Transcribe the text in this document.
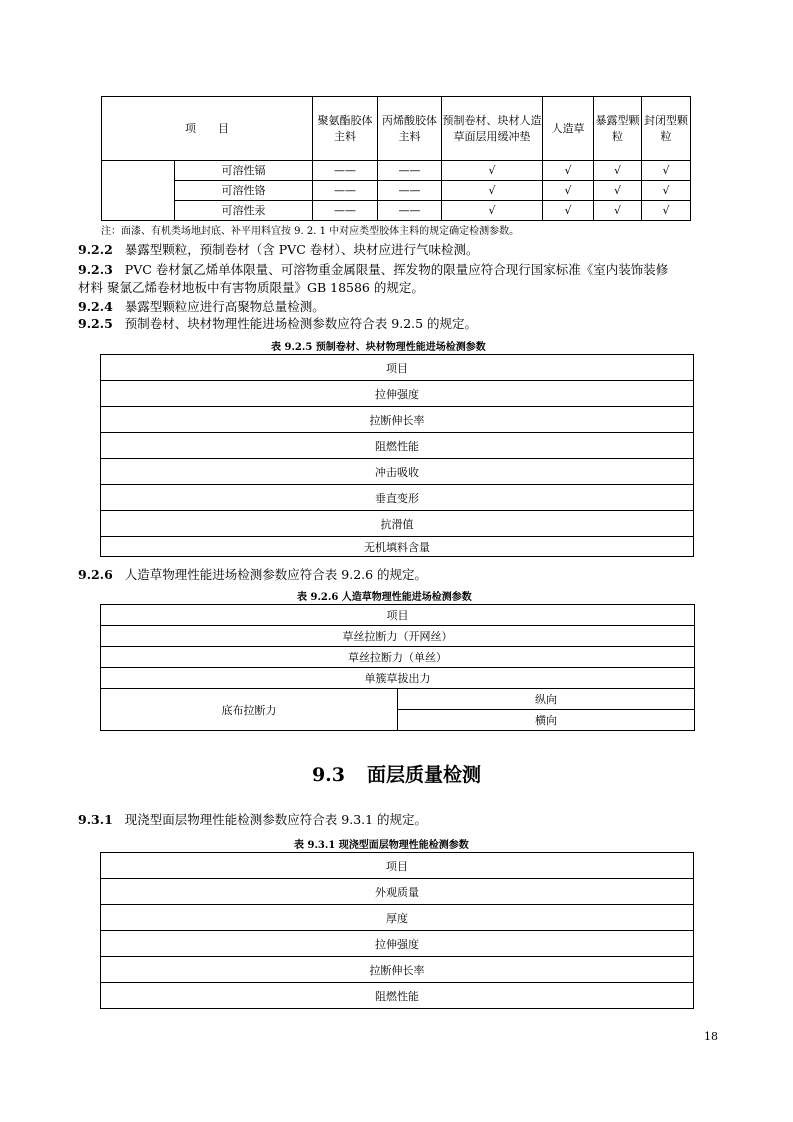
项　　目		聚氨酯胶体主料	丙烯酸胶体主料	预制卷材、块材人造草面层用缓冲垫	人造草	暴露型颗粒	封闭型颗粒
	可溶性镉	——	——	√	√	√	√
	可溶性铬	——	——	√	√	√	√
	可溶性汞	——	——	√	√	√	√
注：面漆、有机类场地封底、补平用料宜按 9. 2. 1 中对应类型胶体主料的规定确定检测参数。
9.2.2 暴露型颗粒，预制卷材（含 PVC 卷材）、块材应进行气味检测。
9.2.3 PVC 卷材氯乙烯单体限量、可溶物重金属限量、挥发物的限量应符合现行国家标准《室内装饰装修
材料 聚氯乙烯卷材地板中有害物质限量》GB 18586 的规定。
9.2.4 暴露型颗粒应进行高聚物总量检测。
9.2.5 预制卷材、块材物理性能进场检测参数应符合表 9.2.5 的规定。
表 9.2.5 预制卷材、块材物理性能进场检测参数
项目
拉伸强度
拉断伸长率
阻燃性能
冲击吸收
垂直变形
抗滑值
无机填料含量
9.2.6 人造草物理性能进场检测参数应符合表 9.2.6 的规定。
表 9.2.6 人造草物理性能进场检测参数
项目
草丝拉断力（开网丝）
草丝拉断力（单丝）
单簇草拔出力
底布拉断力	纵向
横向
9.3 面层质量检测
9.3.1 现浇型面层物理性能检测参数应符合表 9.3.1 的规定。
表 9.3.1 现浇型面层物理性能检测参数
项目
外观质量
厚度
拉伸强度
拉断伸长率
阻燃性能
18
